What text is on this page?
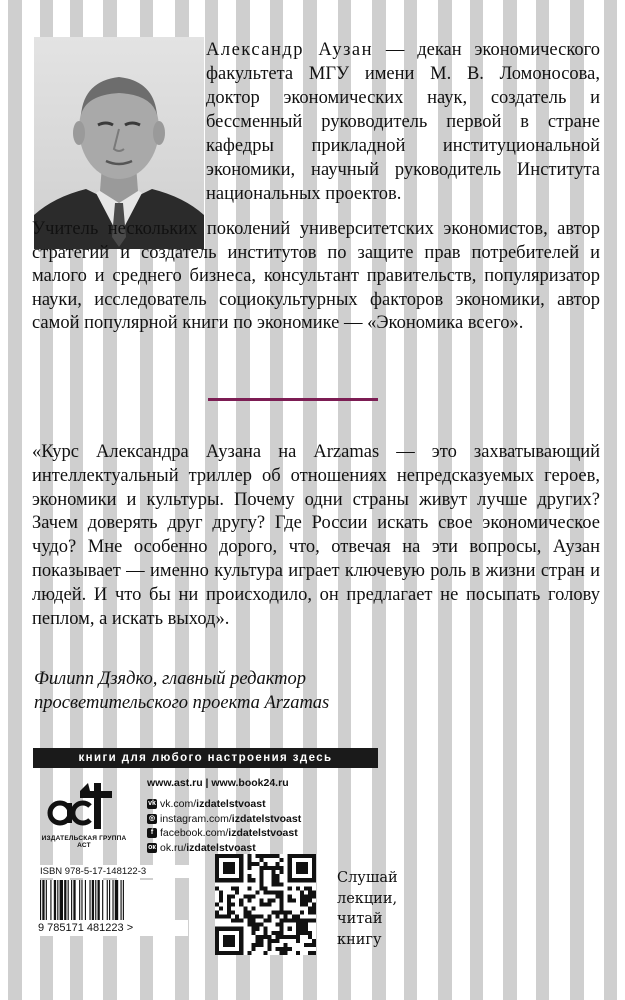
Александр Аузан — декан экономического факультета МГУ имени М. В. Ломоносова, доктор экономических наук, создатель и бессменный руководитель первой в стране кафедры прикладной институциональной экономики, научный руководитель Института национальных проектов.
Учитель нескольких поколений университетских экономистов, автор стратегий и создатель институтов по защите прав потребителей и малого и среднего бизнеса, консультант правительств, популяризатор науки, исследователь социокультурных факторов экономики, автор самой популярной книги по экономике — «Экономика всего».
«Курс Александра Аузана на Arzamas — это захватывающий интеллектуальный триллер об отношениях непредсказуемых героев, экономики и культуры. Почему одни страны живут лучше других? Зачем доверять друг другу? Где России искать свое экономическое чудо? Мне особенно дорого, что, отвечая на эти вопросы, Аузан показывает — именно культура играет ключевую роль в жизни стран и людей. И что бы ни происходило, он предлагает не посыпать голову пеплом, а искать выход».
Филипп Дзядко, главный редактор
просветительского проекта Arzamas
книги для любого настроения здесь
ИЗДАТЕЛЬСКАЯ ГРУППА АСТ
www.ast.ru | www.book24.ru
vk vk.com/ izdatelstvoast
◎ instagram.com/ izdatelstvoast
f facebook.com/ izdatelstvoast
ок ok.ru/ izdatelstvoast
ISBN 978-5-17-148122-3
9 785171 481223 >
Слушай
лекции,
читай
книгу
